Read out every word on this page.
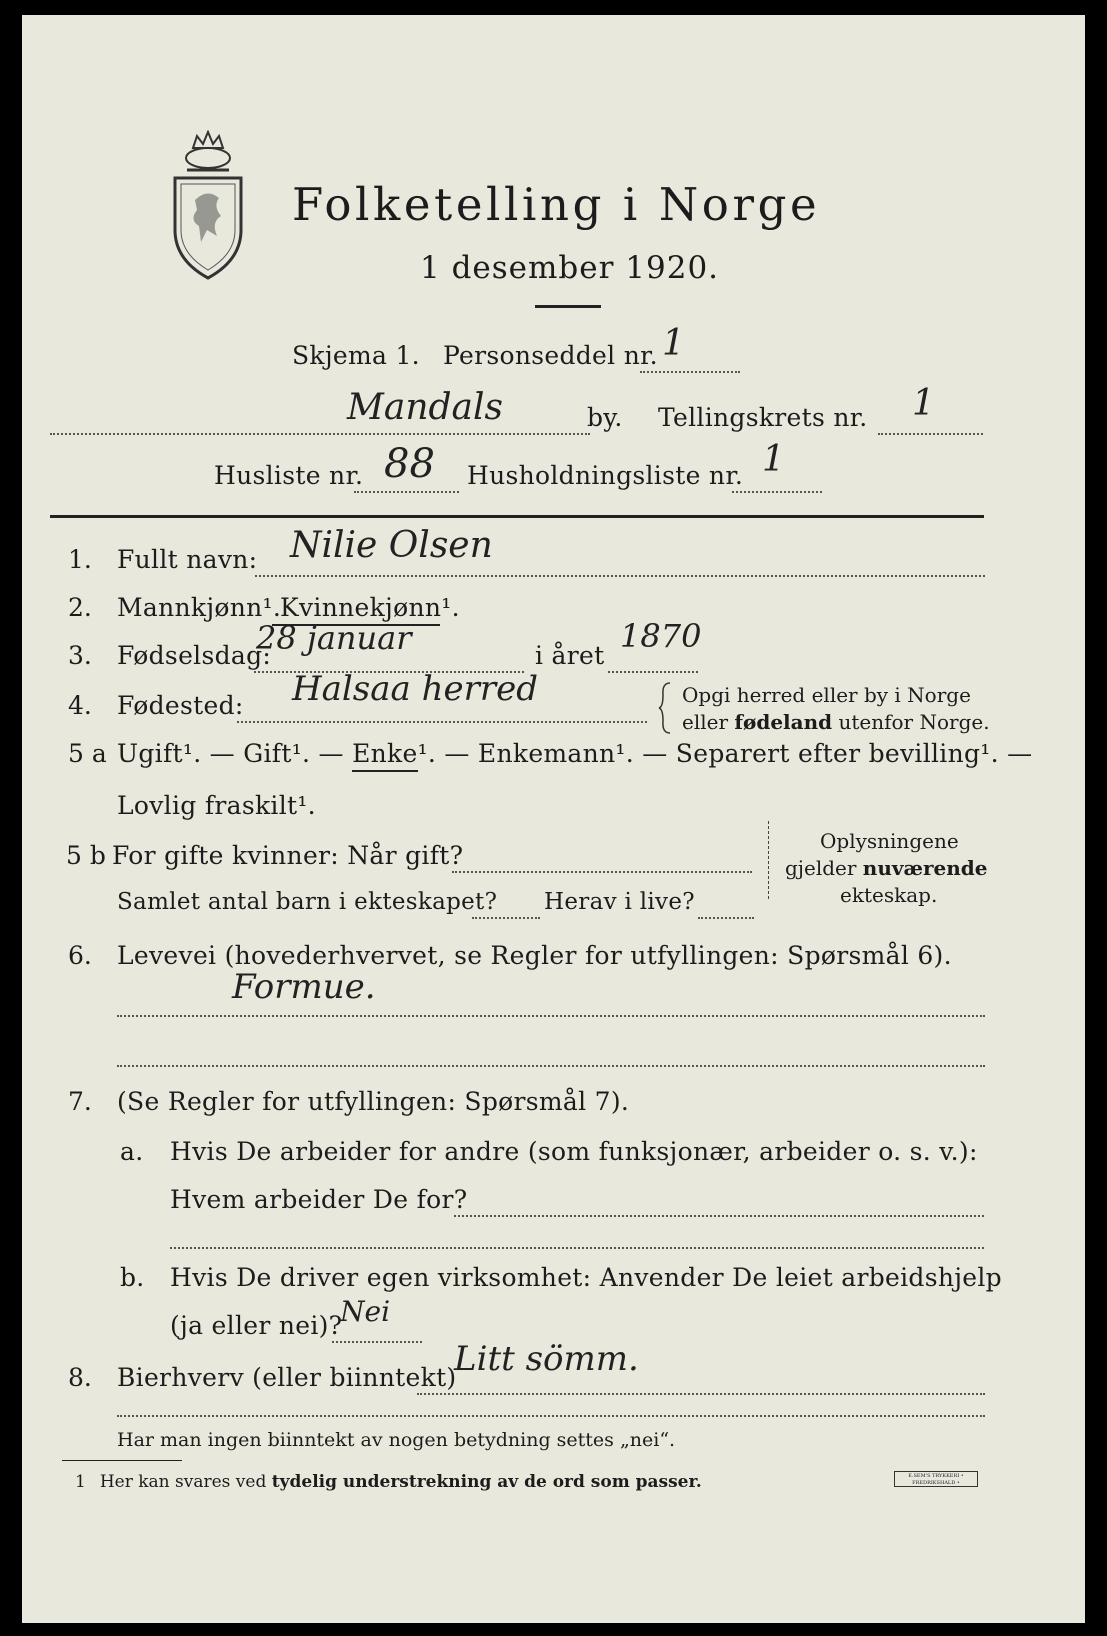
Folketelling i Norge
1 desember 1920.
Skjema 1. Personseddel nr. 1
Mandals	by. Tellingskrets nr. 1
Husliste nr. 88 Husholdningsliste nr. 1
1. Fullt navn: Nilie Olsen
2. Mannkjønn¹.
Kvinnekjønn¹.
3. Fødselsdag:
28 januar	i året
1870
4. Fødested: Halsaa herred	Opgi herred eller by i Norge
eller fødeland utenfor Norge.
5 a Ugift¹. — Gift¹. — Enke¹. — Enkemann¹. — Separert efter bevilling¹. —
Lovlig fraskilt¹.
5 b For gifte kvinner: Når gift?
Samlet antal barn i ekteskapet? Herav i live?
Oplysningene
gjelder nuværende
ekteskap.
6. Levevei (hovederhvervet, se Regler for utfyllingen: Spørsmål 6).
Formue.
7. (Se Regler for utfyllingen: Spørsmål 7).
a. Hvis De arbeider for andre (som funksjonær, arbeider o. s. v.):
Hvem arbeider De for?
b. Hvis De driver egen virksomhet: Anvender De leiet arbeidshjelp
(ja eller nei)?
Nei
8. Bierhverv (eller biinntekt)
Litt sömm.
Har man ingen biinntekt av nogen betydning settes „nei“.
1 Her kan svares ved tydelig understrekning av de ord som passer.	E.SEM'S TRYKKERI • FREDRIKSHALD •
